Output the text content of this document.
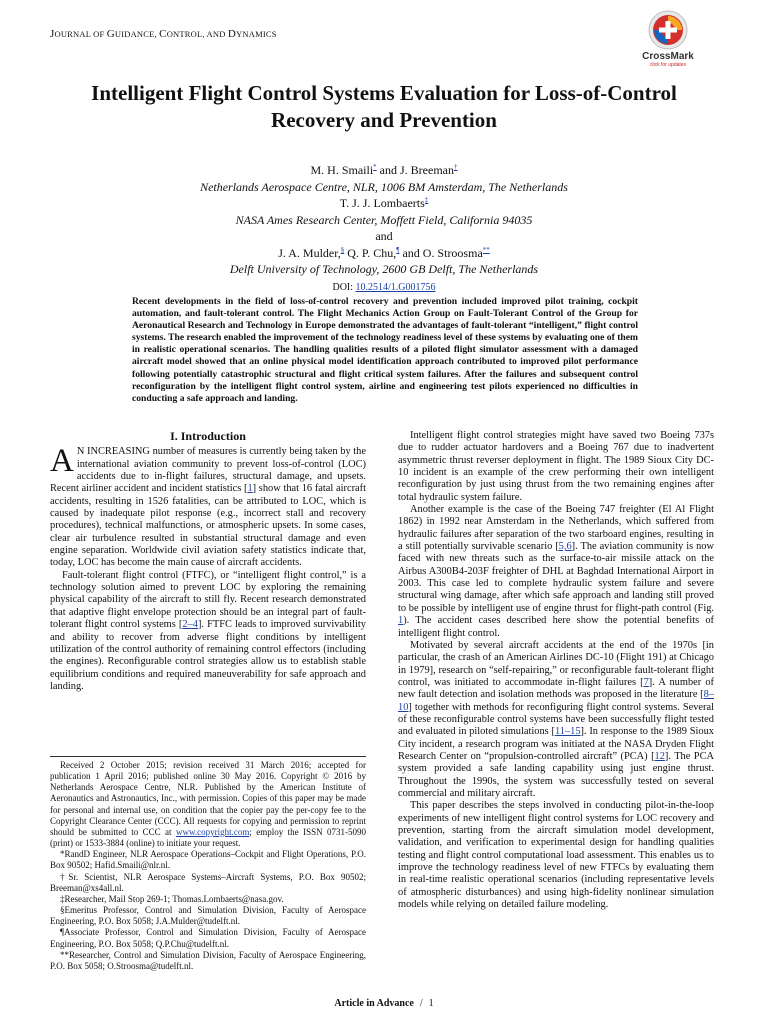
JOURNAL OF GUIDANCE, CONTROL, AND DYNAMICS
CrossMark
click for updates
Intelligent Flight Control Systems Evaluation for Loss-of-Control
Recovery and Prevention
M. H. Smaili* and J. Breeman†
Netherlands Aerospace Centre, NLR, 1006 BM Amsterdam, The Netherlands
T. J. J. Lombaerts‡
NASA Ames Research Center, Moffett Field, California 94035
and
J. A. Mulder,§ Q. P. Chu,¶ and O. Stroosma**
Delft University of Technology, 2600 GB Delft, The Netherlands
DOI: 10.2514/1.G001756
Recent developments in the field of loss-of-control recovery and prevention included improved pilot training, cockpit automation, and fault-tolerant control. The Flight Mechanics Action Group on Fault-Tolerant Control of the Group for Aeronautical Research and Technology in Europe demonstrated the advantages of fault-tolerant “intelligent,” flight control systems. The research enabled the improvement of the technology readiness level of these systems by evaluating one of them in realistic operational scenarios. The handling qualities results of a piloted flight simulator assessment with a damaged aircraft model showed that an online physical model identification approach contributed to improved pilot performance following potentially catastrophic structural and flight critical system failures. After the failures and subsequent control reconfiguration by the intelligent flight control system, airline and engineering test pilots experienced no difficulties in conducting a safe approach and landing.
I. Introduction

A N INCREASING number of measures is currently being taken by the international aviation community to prevent loss-of-control (LOC) accidents due to in-flight failures, structural damage, and upsets. Recent airliner accident and incident statistics [1] show that 16 fatal aircraft accidents, resulting in 1526 fatalities, can be attributed to LOC, which is caused by inadequate pilot response (e.g., incorrect stall and recovery procedures), technical malfunctions, or atmospheric upsets. In some cases, clear air turbulence resulted in substantial structural damage and even engine separation. Worldwide civil aviation safety statistics indicate that, today, LOC has become the main cause of aircraft accidents.

Fault-tolerant flight control (FTFC), or “intelligent flight control,” is a technology solution aimed to prevent LOC by exploring the remaining physical capability of the aircraft to still fly. Recent research demonstrated that adaptive flight envelope protection should be an integral part of fault-tolerant flight control systems [2–4]. FTFC leads to improved survivability and ability to recover from adverse flight conditions by intelligent utilization of the control authority of remaining control effectors (including the engines). Reconfigurable control strategies allow us to establish stable equilibrium conditions and required maneuverability for safe approach and landing.

Received 2 October 2015; revision received 31 March 2016; accepted for publication 1 April 2016; published online 30 May 2016. Copyright © 2016 by Netherlands Aerospace Centre, NLR. Published by the American Institute of Aeronautics and Astronautics, Inc., with permission. Copies of this paper may be made for personal and internal use, on condition that the copier pay the per-copy fee to the Copyright Clearance Center (CCC). All requests for copying and permission to reprint should be submitted to CCC at www.copyright.com; employ the ISSN 0731-5090 (print) or 1533-3884 (online) to initiate your request.

*RandD Engineer, NLR Aerospace Operations–Cockpit and Flight Operations, P.O. Box 90502; Hafid.Smaili@nlr.nl.

†Sr. Scientist, NLR Aerospace Systems–Aircraft Systems, P.O. Box 90502; Breeman@xs4all.nl.

‡Researcher, Mail Stop 269-1; Thomas.Lombaerts@nasa.gov.

§Emeritus Professor, Control and Simulation Division, Faculty of Aerospace Engineering, P.O. Box 5058; J.A.Mulder@tudelft.nl.

¶Associate Professor, Control and Simulation Division, Faculty of Aerospace Engineering, P.O. Box 5058; Q.P.Chu@tudelft.nl.

**Researcher, Control and Simulation Division, Faculty of Aerospace Engineering, P.O. Box 5058; O.Stroosma@tudelft.nl.

Intelligent flight control strategies might have saved two Boeing 737s due to rudder actuator hardovers and a Boeing 767 due to inadvertent asymmetric thrust reverser deployment in flight. The 1989 Sioux City DC-10 incident is an example of the crew performing their own intelligent reconfiguration by just using thrust from the two remaining engines after total hydraulic system failure.

Another example is the case of the Boeing 747 freighter (El Al Flight 1862) in 1992 near Amsterdam in the Netherlands, which suffered from hydraulic failures after separation of the two starboard engines, resulting in a still potentially survivable scenario [5,6]. The aviation community is now faced with new threats such as the surface-to-air missile attack on the Airbus A300B4-203F freighter of DHL at Baghdad International Airport in 2003. This case led to complete hydraulic system failure and severe structural wing damage, after which safe approach and landing still proved to be possible by intelligent use of engine thrust for flight-path control (Fig. 1). The accident cases described here show the potential benefits of intelligent flight control.

Motivated by several aircraft accidents at the end of the 1970s [in particular, the crash of an American Airlines DC-10 (Flight 191) at Chicago in 1979], research on “self-repairing,” or reconfigurable fault-tolerant flight control, was initiated to accommodate in-flight failures [7]. A number of new fault detection and isolation methods was proposed in the literature [8–10] together with methods for reconfiguring flight control systems. Several of these reconfigurable control systems have been successfully flight tested and evaluated in piloted simulations [11–15]. In response to the 1989 Sioux City incident, a research program was initiated at the NASA Dryden Flight Research Center on “propulsion-controlled aircraft” (PCA) [12]. The PCA system provided a safe landing capability using just engine thrust. Throughout the 1990s, the system was successfully tested on several commercial and military aircraft.

This paper describes the steps involved in conducting pilot-in-the-loop experiments of new intelligent flight control systems for LOC recovery and prevention, starting from the aircraft simulation model development, validation, and verification to experimental design for handling qualities testing and flight control computational load assessment. This enables us to improve the technology readiness level of new FTFCs by evaluating them in real-time realistic operational scenarios (including representative levels of atmospheric disturbances) and using high-fidelity nonlinear simulation models while relying on detailed failure modeling.

Article in Advance / 1
